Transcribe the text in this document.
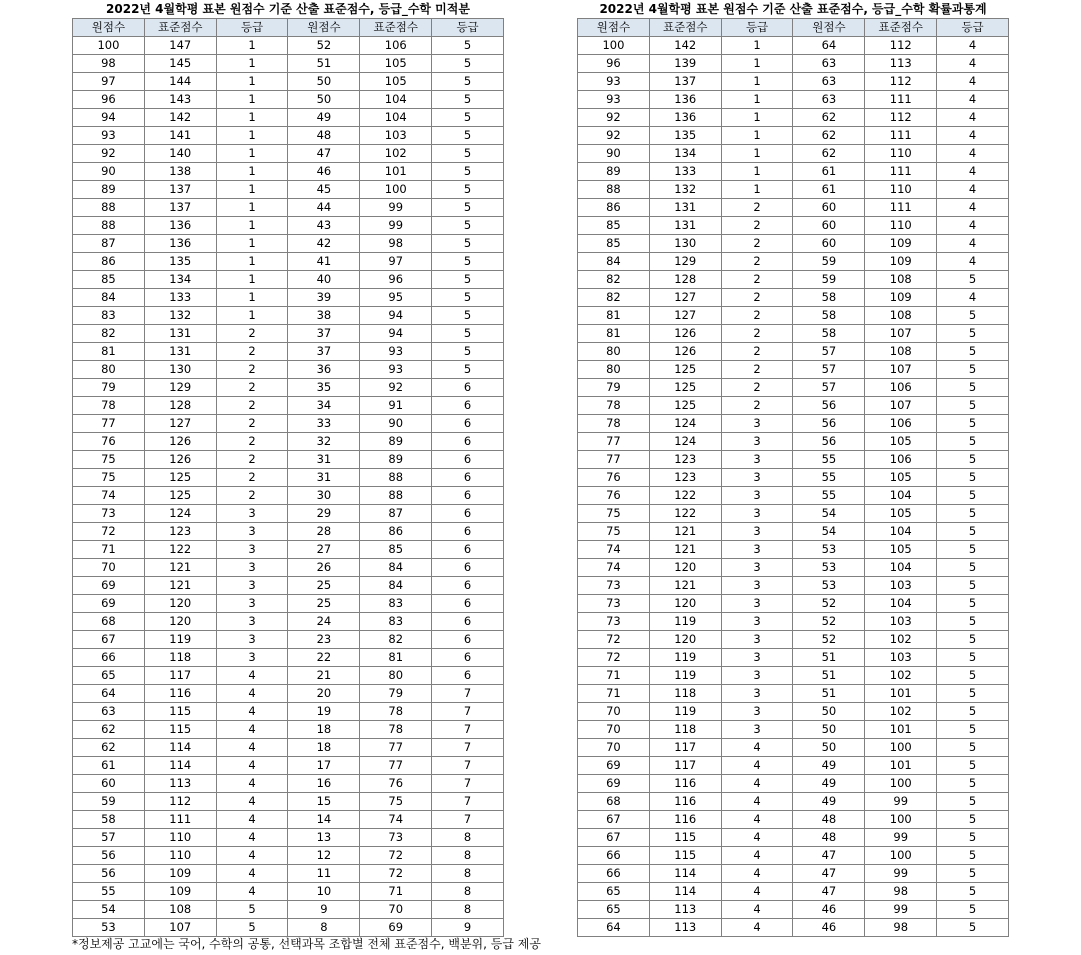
2022년 4월학평 표본 원점수 기준 산출 표준점수, 등급_수학 미적분
원점수	표준점수	등급	원점수	표준점수	등급
100	147	1	52	106	5
98	145	1	51	105	5
97	144	1	50	105	5
96	143	1	50	104	5
94	142	1	49	104	5
93	141	1	48	103	5
92	140	1	47	102	5
90	138	1	46	101	5
89	137	1	45	100	5
88	137	1	44	99	5
88	136	1	43	99	5
87	136	1	42	98	5
86	135	1	41	97	5
85	134	1	40	96	5
84	133	1	39	95	5
83	132	1	38	94	5
82	131	2	37	94	5
81	131	2	37	93	5
80	130	2	36	93	5
79	129	2	35	92	6
78	128	2	34	91	6
77	127	2	33	90	6
76	126	2	32	89	6
75	126	2	31	89	6
75	125	2	31	88	6
74	125	2	30	88	6
73	124	3	29	87	6
72	123	3	28	86	6
71	122	3	27	85	6
70	121	3	26	84	6
69	121	3	25	84	6
69	120	3	25	83	6
68	120	3	24	83	6
67	119	3	23	82	6
66	118	3	22	81	6
65	117	4	21	80	6
64	116	4	20	79	7
63	115	4	19	78	7
62	115	4	18	78	7
62	114	4	18	77	7
61	114	4	17	77	7
60	113	4	16	76	7
59	112	4	15	75	7
58	111	4	14	74	7
57	110	4	13	73	8
56	110	4	12	72	8
56	109	4	11	72	8
55	109	4	10	71	8
54	108	5	9	70	8
53	107	5	8	69	9
2022년 4월학평 표본 원점수 기준 산출 표준점수, 등급_수학 확률과통계
원점수	표준점수	등급	원점수	표준점수	등급
100	142	1	64	112	4
96	139	1	63	113	4
93	137	1	63	112	4
93	136	1	63	111	4
92	136	1	62	112	4
92	135	1	62	111	4
90	134	1	62	110	4
89	133	1	61	111	4
88	132	1	61	110	4
86	131	2	60	111	4
85	131	2	60	110	4
85	130	2	60	109	4
84	129	2	59	109	4
82	128	2	59	108	5
82	127	2	58	109	4
81	127	2	58	108	5
81	126	2	58	107	5
80	126	2	57	108	5
80	125	2	57	107	5
79	125	2	57	106	5
78	125	2	56	107	5
78	124	3	56	106	5
77	124	3	56	105	5
77	123	3	55	106	5
76	123	3	55	105	5
76	122	3	55	104	5
75	122	3	54	105	5
75	121	3	54	104	5
74	121	3	53	105	5
74	120	3	53	104	5
73	121	3	53	103	5
73	120	3	52	104	5
73	119	3	52	103	5
72	120	3	52	102	5
72	119	3	51	103	5
71	119	3	51	102	5
71	118	3	51	101	5
70	119	3	50	102	5
70	118	3	50	101	5
70	117	4	50	100	5
69	117	4	49	101	5
69	116	4	49	100	5
68	116	4	49	99	5
67	116	4	48	100	5
67	115	4	48	99	5
66	115	4	47	100	5
66	114	4	47	99	5
65	114	4	47	98	5
65	113	4	46	99	5
64	113	4	46	98	5
*정보제공 고교에는 국어, 수학의 공통, 선택과목 조합별 전체 표준점수, 백분위, 등급 제공
